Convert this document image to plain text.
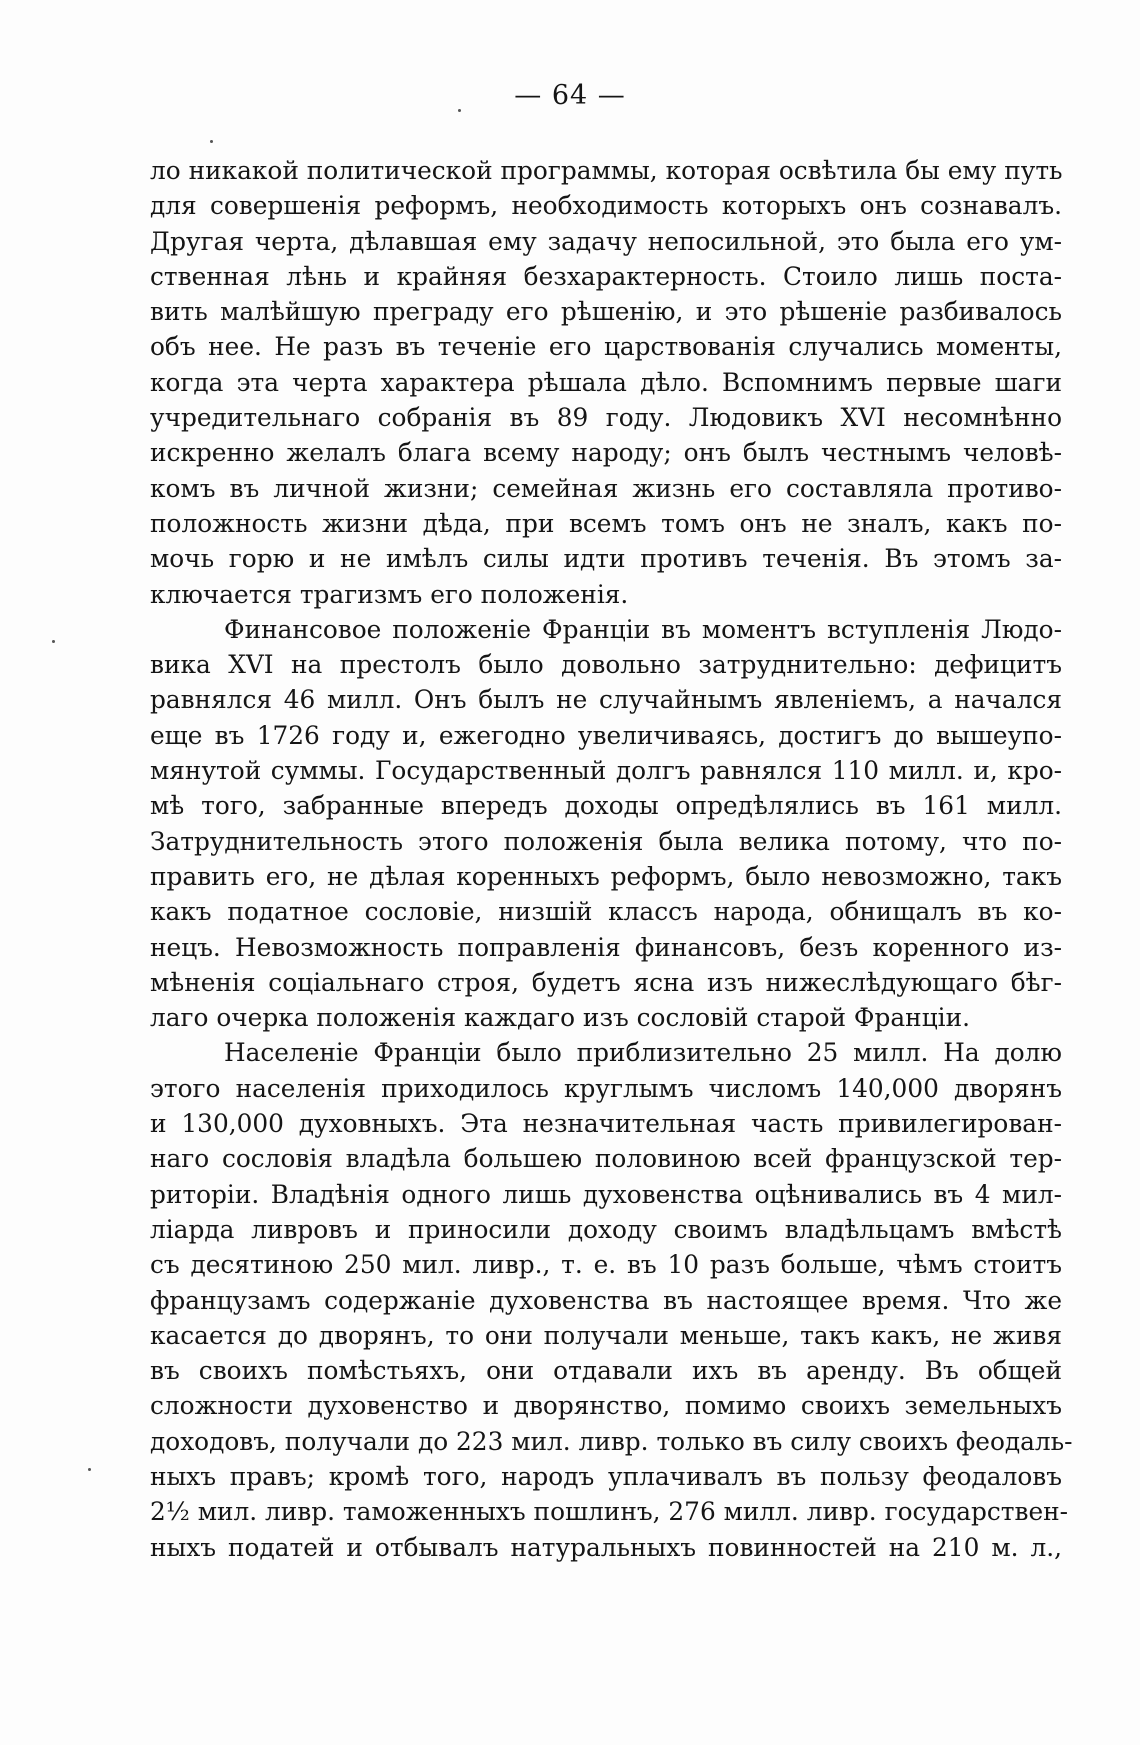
— 64 —
ло никакой политической программы, которая освѣтила бы ему путь
для совершенія реформъ, необходимость которыхъ онъ сознавалъ.
Другая черта, дѣлавшая ему задачу непосильной, это была его ум-
ственная лѣнь и крайняя безхарактерность. Стоило лишь поста-
вить малѣйшую преграду его рѣшенію, и это рѣшеніе разбивалось
объ нее. Не разъ въ теченіе его царствованія случались моменты,
когда эта черта характера рѣшала дѣло. Вспомнимъ первые шаги
учредительнаго собранія въ 89 году. Людовикъ XVI несомнѣнно
искренно желалъ блага всему народу; онъ былъ честнымъ человѣ-
комъ въ личной жизни; семейная жизнь его составляла противо-
положность жизни дѣда, при всемъ томъ онъ не зналъ, какъ по-
мочь горю и не имѣлъ силы идти противъ теченія. Въ этомъ за-
ключается трагизмъ его положенія.
Финансовое положеніе Франціи въ моментъ вступленія Людо-
вика XVI на престолъ было довольно затруднительно: дефицитъ
равнялся 46 милл. Онъ былъ не случайнымъ явленіемъ, а начался
еще въ 1726 году и, ежегодно увеличиваясь, достигъ до вышеупо-
мянутой суммы. Государственный долгъ равнялся 110 милл. и, кро-
мѣ того, забранные впередъ доходы опредѣлялись въ 161 милл.
Затруднительность этого положенія была велика потому, что по-
править его, не дѣлая коренныхъ реформъ, было невозможно, такъ
какъ податное сословіе, низшій классъ народа, обнищалъ въ ко-
нецъ. Невозможность поправленія финансовъ, безъ коренного из-
мѣненія соціальнаго строя, будетъ ясна изъ нижеслѣдующаго бѣг-
лаго очерка положенія каждаго изъ сословій старой Франціи.
Населеніе Франціи было приблизительно 25 милл. На долю
этого населенія приходилось круглымъ числомъ 140,000 дворянъ
и 130,000 духовныхъ. Эта незначительная часть привилегирован-
наго сословія владѣла большею половиною всей французской тер-
риторіи. Владѣнія одного лишь духовенства оцѣнивались въ 4 мил-
ліарда ливровъ и приносили доходу своимъ владѣльцамъ вмѣстѣ
съ десятиною 250 мил. ливр., т. е. въ 10 разъ больше, чѣмъ стоитъ
французамъ содержаніе духовенства въ настоящее время. Что же
касается до дворянъ, то они получали меньше, такъ какъ, не живя
въ своихъ помѣстьяхъ, они отдавали ихъ въ аренду. Въ общей
сложности духовенство и дворянство, помимо своихъ земельныхъ
доходовъ, получали до 223 мил. ливр. только въ силу своихъ феодаль-
ныхъ правъ; кромѣ того, народъ уплачивалъ въ пользу феодаловъ
2½ мил. ливр. таможенныхъ пошлинъ, 276 милл. ливр. государствен-
ныхъ податей и отбывалъ натуральныхъ повинностей на 210 м. л.,
